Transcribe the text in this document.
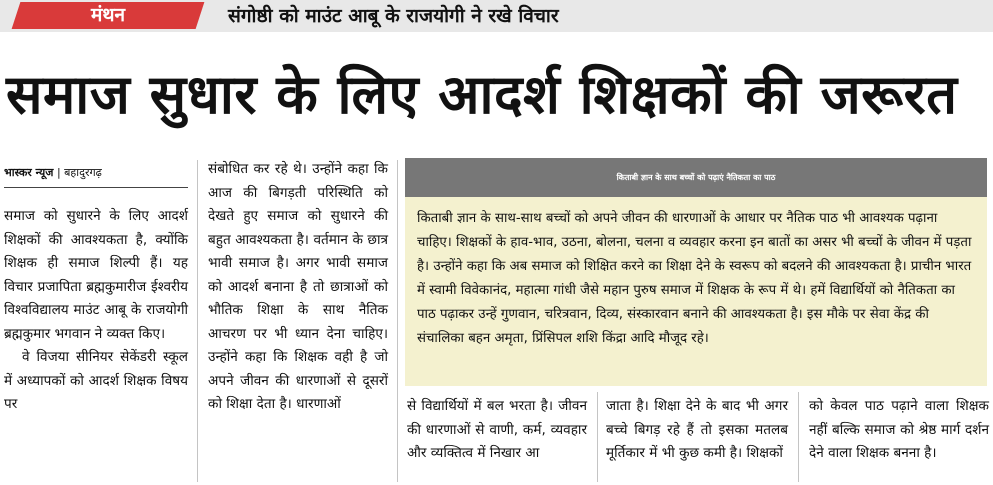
मंथन	संगोष्ठी को माउंट आबू के राजयोगी ने रखे विचार
समाज सुधार के लिए आदर्श शिक्षकों की जरूरत
भास्कर न्यूज | बहादुरगढ़

समाज को सुधारने के लिए आदर्श शिक्षकों की आवश्यकता है, क्योंकि शिक्षक ही समाज शिल्पी हैं। यह विचार प्रजापिता ब्रह्मकुमारीज ईश्वरीय विश्वविद्यालय माउंट आबू के राजयोगी ब्रह्मकुमार भगवान ने व्यक्त किए।

वे विजया सीनियर सेकेंडरी स्कूल में अध्यापकों को आदर्श शिक्षक विषय पर

संबोधित कर रहे थे। उन्होंने कहा कि आज की बिगड़ती परिस्थिति को देखते हुए समाज को सुधारने की बहुत आवश्यकता है। वर्तमान के छात्र भावी समाज है। अगर भावी समाज को आदर्श बनाना है तो छात्राओं को भौतिक शिक्षा के साथ नैतिक आचरण पर भी ध्यान देना चाहिए। उन्होंने कहा कि शिक्षक वही है जो अपने जीवन की धारणाओं से दूसरों को शिक्षा देता है। धारणाओं
किताबी ज्ञान के साथ बच्चों को पढ़ाएं नैतिकता का पाठ
किताबी ज्ञान के साथ-साथ बच्चों को अपने जीवन की धारणाओं के आधार पर नैतिक पाठ भी आवश्यक पढ़ाना चाहिए। शिक्षकों के हाव-भाव, उठना, बोलना, चलना व व्यवहार करना इन बातों का असर भी बच्चों के जीवन में पड़ता है। उन्होंने कहा कि अब समाज को शिक्षित करने का शिक्षा देने के स्वरूप को बदलने की आवश्यकता है। प्राचीन भारत में स्वामी विवेकानंद, महात्मा गांधी जैसे महान पुरुष समाज में शिक्षक के रूप में थे। हमें विद्यार्थियों को नैतिकता का पाठ पढ़ाकर उन्हें गुणवान, चरित्रवान, दिव्य, संस्कारवान बनाने की आवश्यकता है। इस मौके पर सेवा केंद्र की संचालिका बहन अमृता, प्रिंसिपल शशि किंद्रा आदि मौजूद रहे।
से विद्यार्थियों में बल भरता है। जीवन की धारणाओं से वाणी, कर्म, व्यवहार और व्यक्तित्व में निखार आ
जाता है। शिक्षा देने के बाद भी अगर बच्चे बिगड़ रहे हैं तो इसका मतलब मूर्तिकार में भी कुछ कमी है। शिक्षकों
को केवल पाठ पढ़ाने वाला शिक्षक नहीं बल्कि समाज को श्रेष्ठ मार्ग दर्शन देने वाला शिक्षक बनना है।
